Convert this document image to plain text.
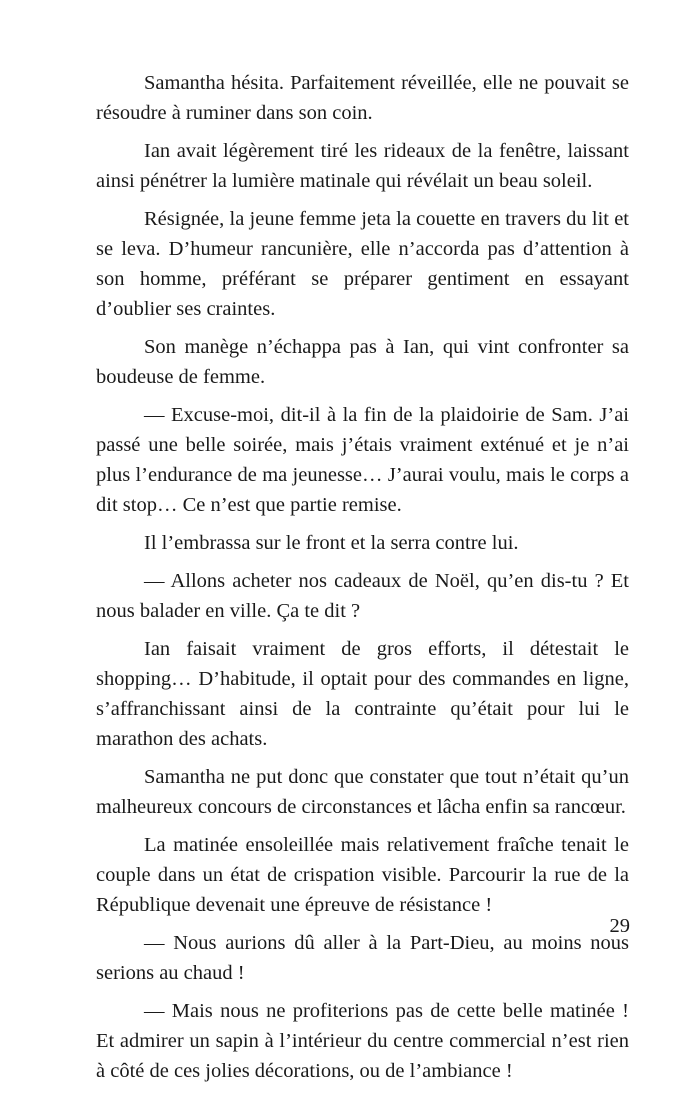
Samantha hésita. Parfaitement réveillée, elle ne pouvait se résoudre à ruminer dans son coin.

Ian avait légèrement tiré les rideaux de la fenêtre, laissant ainsi pénétrer la lumière matinale qui révélait un beau soleil.

Résignée, la jeune femme jeta la couette en travers du lit et se leva. D’humeur rancunière, elle n’accorda pas d’attention à son homme, préférant se préparer gentiment en essayant d’oublier ses craintes.

Son manège n’échappa pas à Ian, qui vint confronter sa boudeuse de femme.

— Excuse-moi, dit-il à la fin de la plaidoirie de Sam. J’ai passé une belle soirée, mais j’étais vraiment exténué et je n’ai plus l’endurance de ma jeunesse… J’aurai voulu, mais le corps a dit stop… Ce n’est que partie remise.

Il l’embrassa sur le front et la serra contre lui.

— Allons acheter nos cadeaux de Noël, qu’en dis-tu ? Et nous balader en ville. Ça te dit ?

Ian faisait vraiment de gros efforts, il détestait le shopping… D’habitude, il optait pour des commandes en ligne, s’affranchissant ainsi de la contrainte qu’était pour lui le marathon des achats.

Samantha ne put donc que constater que tout n’était qu’un malheureux concours de circonstances et lâcha enfin sa rancœur.

La matinée ensoleillée mais relativement fraîche tenait le couple dans un état de crispation visible. Parcourir la rue de la République devenait une épreuve de résistance !

— Nous aurions dû aller à la Part-Dieu, au moins nous serions au chaud !

— Mais nous ne profiterions pas de cette belle matinée ! Et admirer un sapin à l’intérieur du centre commercial n’est rien à côté de ces jolies décorations, ou de l’ambiance !

29
